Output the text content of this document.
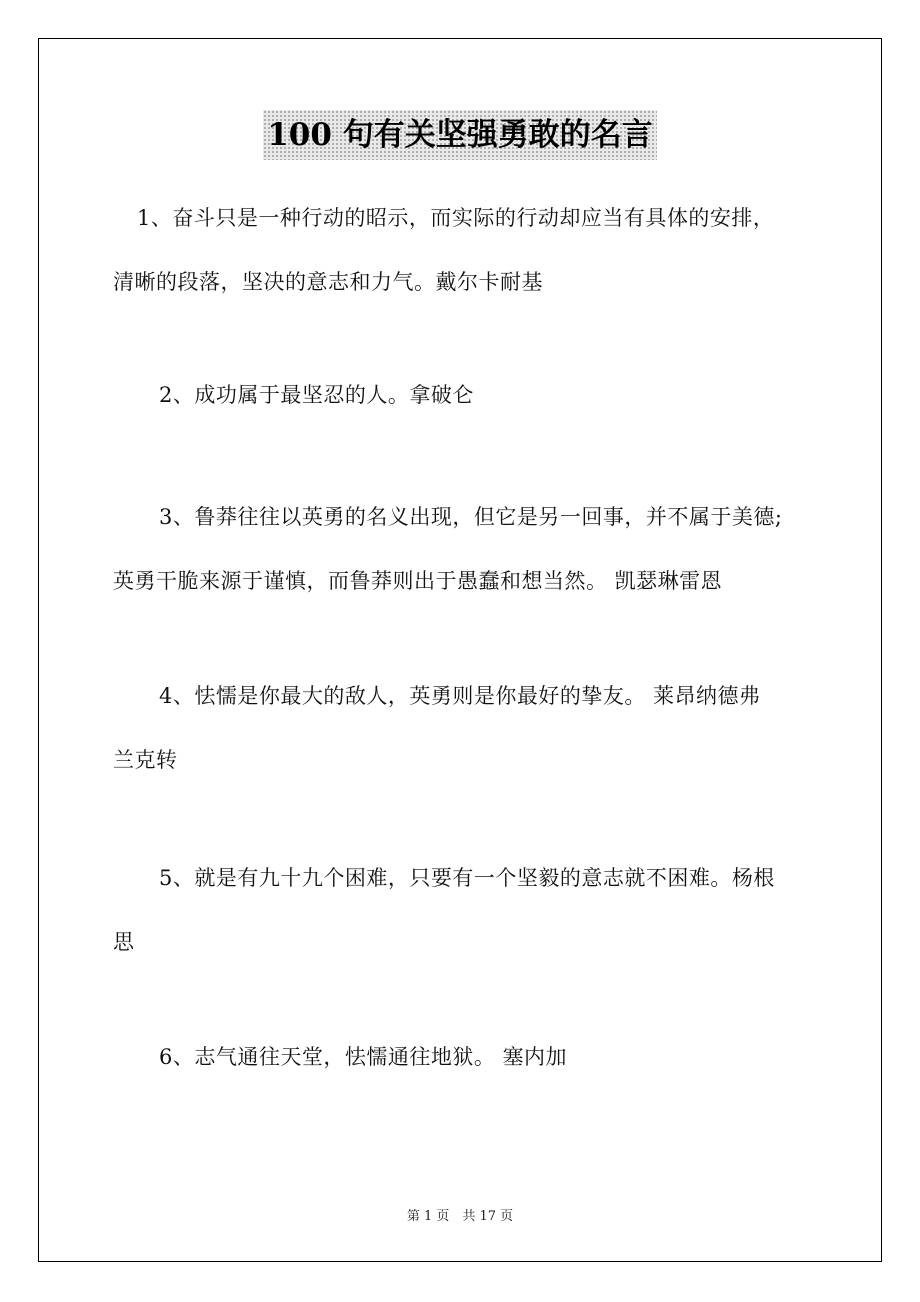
100 句有关坚强勇敢的名言
1、奋斗只是一种行动的昭示，而实际的行动却应当有具体的安排，
清晰的段落，坚决的意志和力气。戴尔卡耐基
2、成功属于最坚忍的人。拿破仑
3、鲁莽往往以英勇的名义出现，但它是另一回事，并不属于美德;
英勇干脆来源于谨慎，而鲁莽则出于愚蠢和想当然。 凯瑟琳雷恩
4、怯懦是你最大的敌人，英勇则是你最好的挚友。 莱昂纳德弗
兰克转
5、就是有九十九个困难，只要有一个坚毅的意志就不困难。杨根
思
6、志气通往天堂，怯懦通往地狱。 塞内加
第 1 页　共 17 页
